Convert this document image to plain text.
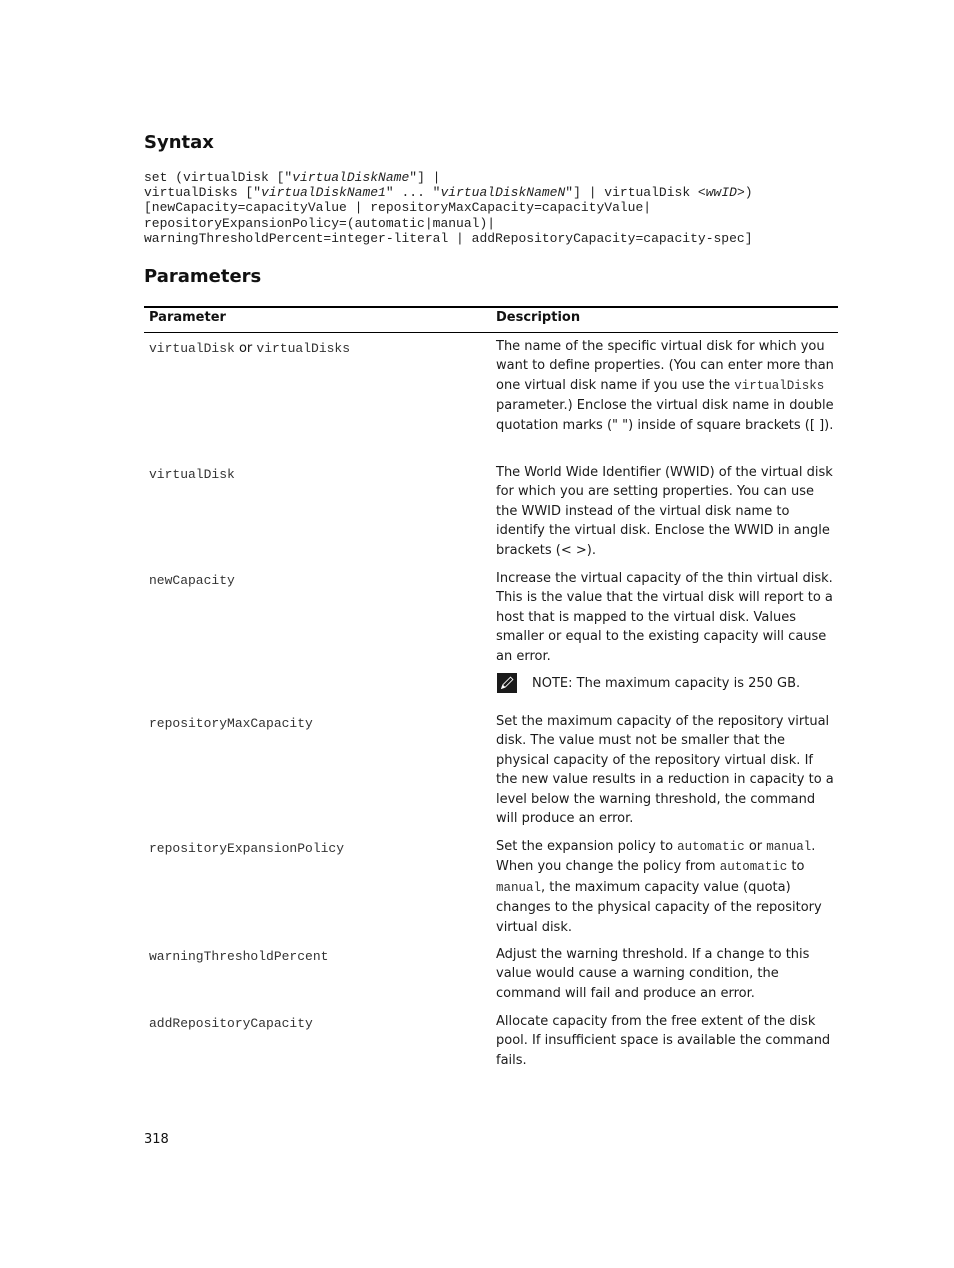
Syntax
set (virtualDisk ["virtualDiskName"] |
virtualDisks ["virtualDiskName1" ... "virtualDiskNameN"] | virtualDisk <wwID>)
[newCapacity=capacityValue | repositoryMaxCapacity=capacityValue|
repositoryExpansionPolicy=(automatic|manual)|
warningThresholdPercent=integer-literal | addRepositoryCapacity=capacity-spec]
Parameters
Parameter	Description
virtualDisk or virtualDisks	The name of the specific virtual disk for which you want to define properties. (You can enter more than one virtual disk name if you use the virtualDisks parameter.) Enclose the virtual disk name in double quotation marks (" ") inside of square brackets ([ ]).
virtualDisk	The World Wide Identifier (WWID) of the virtual disk for which you are setting properties. You can use the WWID instead of the virtual disk name to identify the virtual disk. Enclose the WWID in angle brackets (< >).
newCapacity	Increase the virtual capacity of the thin virtual disk. This is the value that the virtual disk will report to a host that is mapped to the virtual disk. Values smaller or equal to the existing capacity will cause an error.
NOTE: The maximum capacity is 250 GB.
repositoryMaxCapacity	Set the maximum capacity of the repository virtual disk. The value must not be smaller that the physical capacity of the repository virtual disk. If the new value results in a reduction in capacity to a level below the warning threshold, the command will produce an error.
repositoryExpansionPolicy	Set the expansion policy to automatic or manual. When you change the policy from automatic to manual, the maximum capacity value (quota) changes to the physical capacity of the repository virtual disk.
warningThresholdPercent	Adjust the warning threshold. If a change to this value would cause a warning condition, the command will fail and produce an error.
addRepositoryCapacity	Allocate capacity from the free extent of the disk pool. If insufficient space is available the command fails.
318
